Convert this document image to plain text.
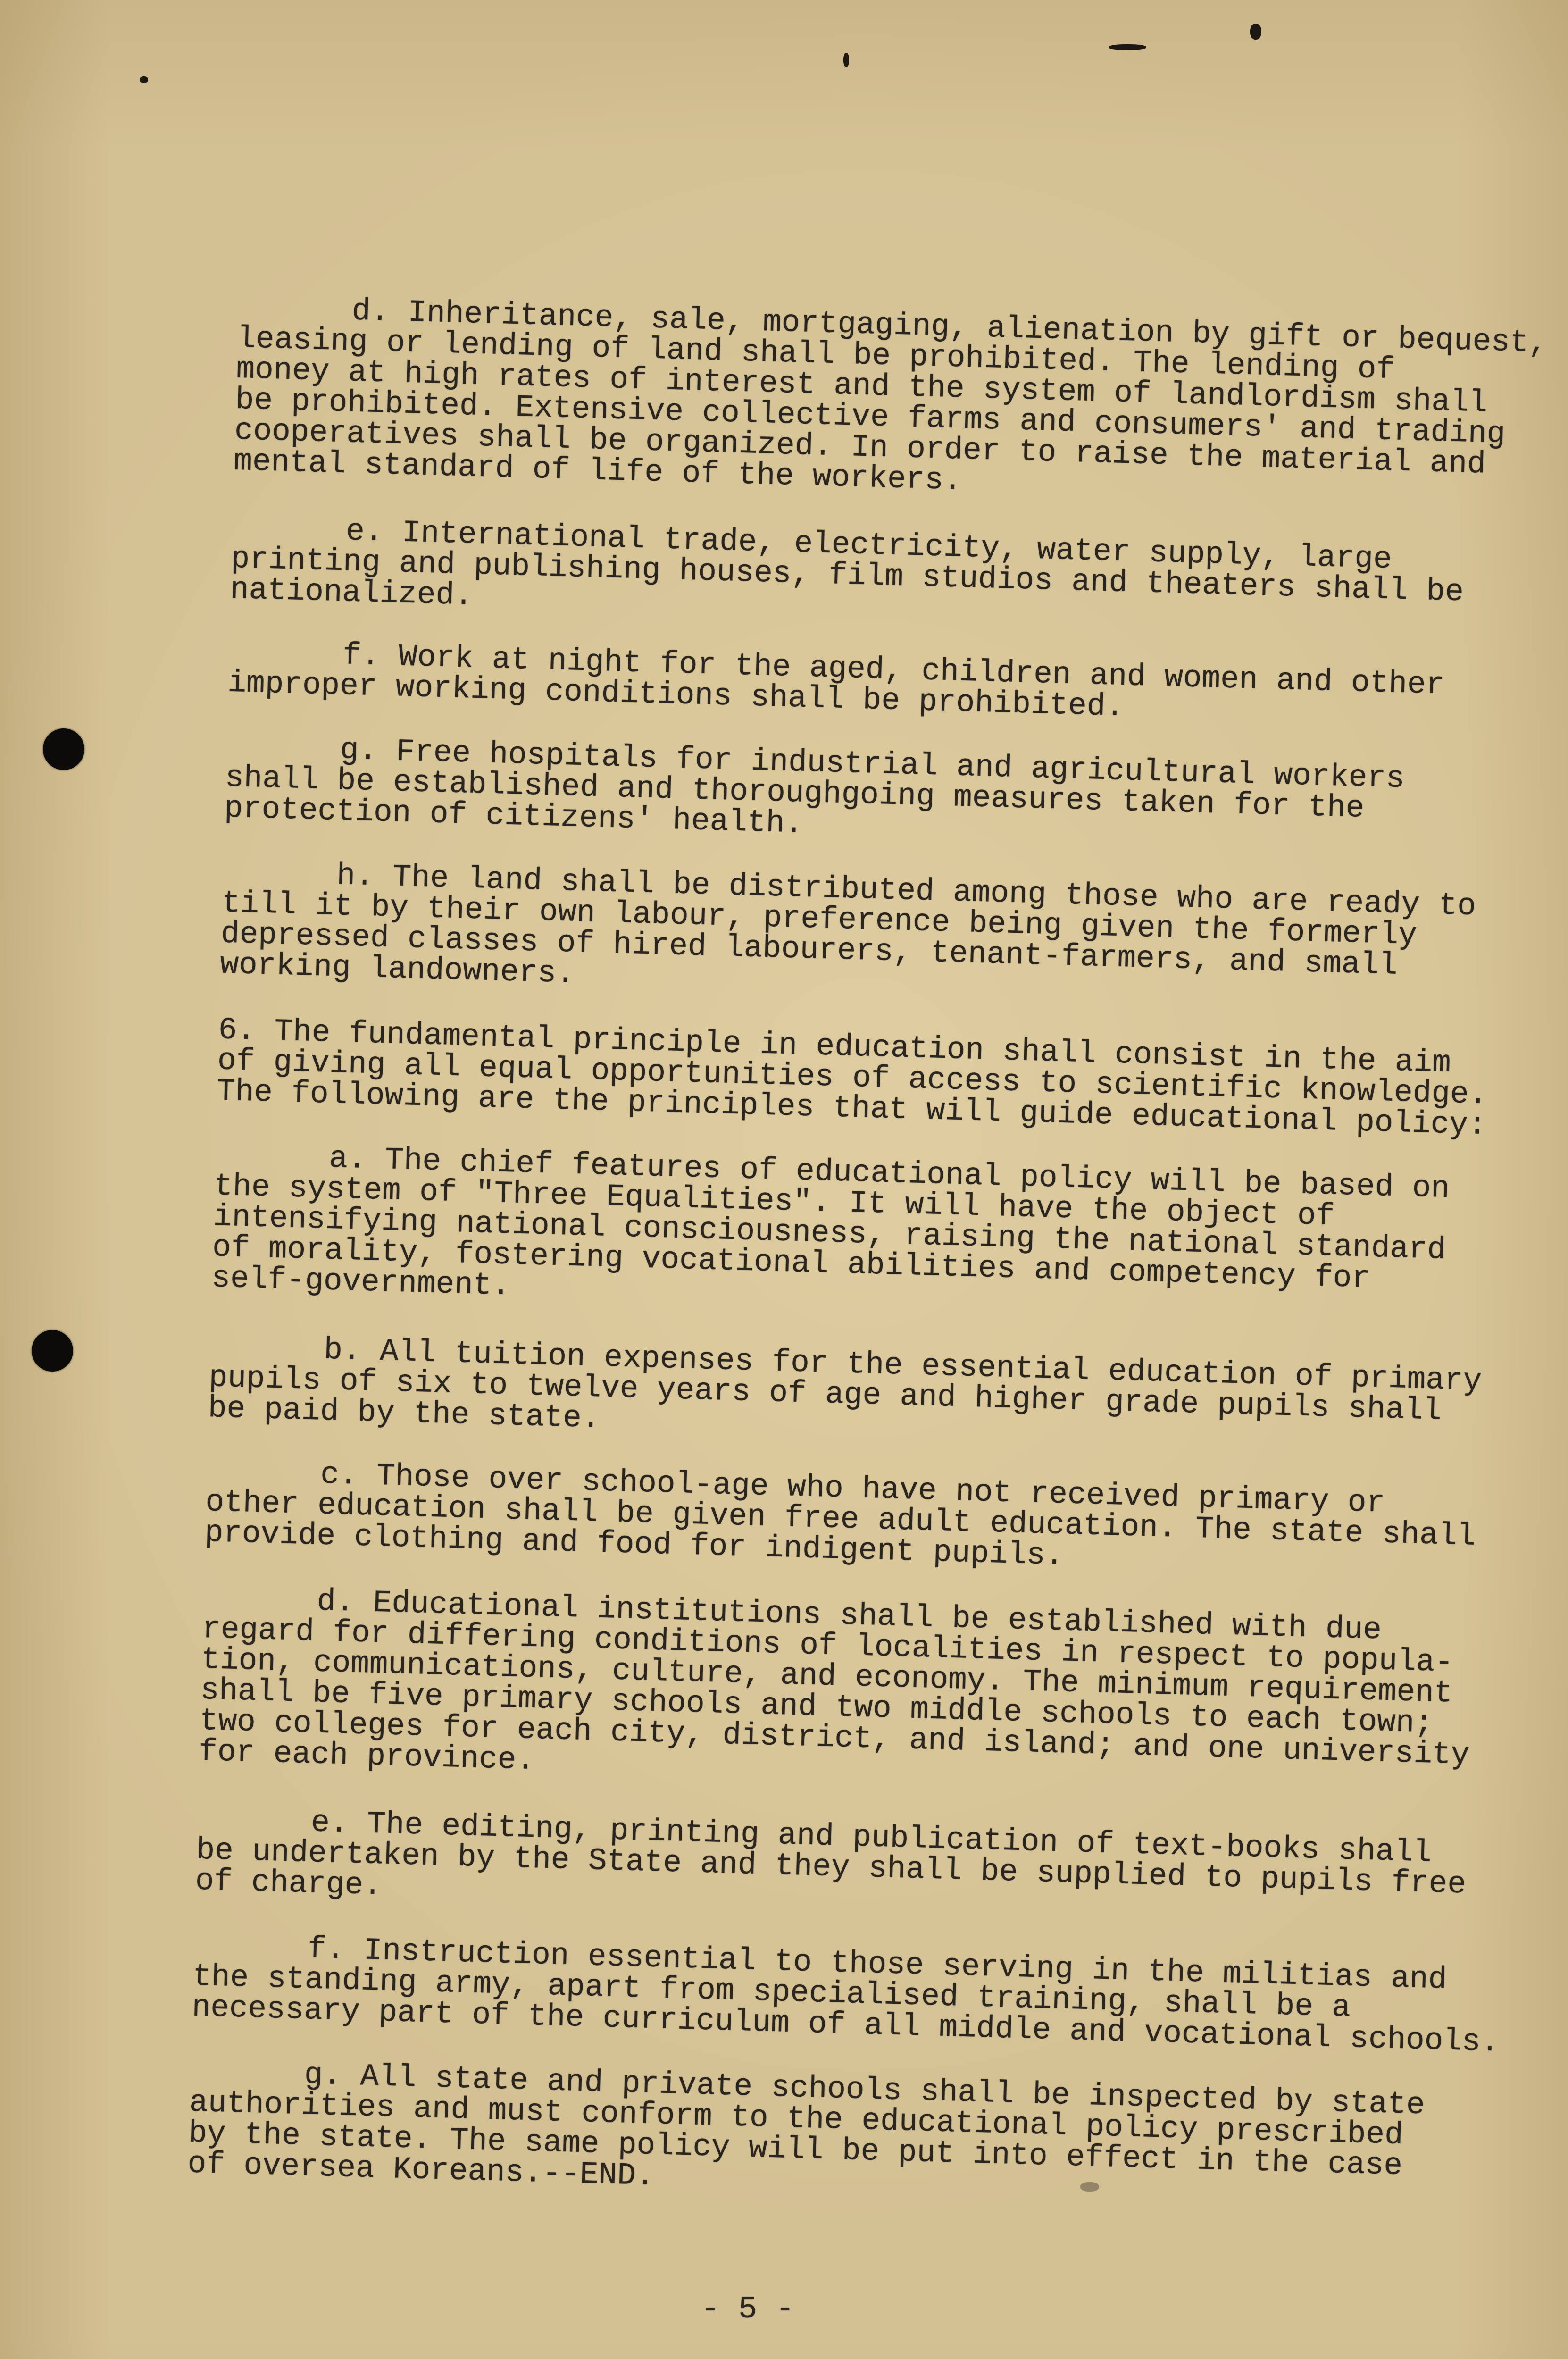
d. Inheritance, sale, mortgaging, alienation by gift or bequest,
leasing or lending of land shall be prohibited. The lending of
money at high rates of interest and the system of landlordism shall
be prohibited. Extensive collective farms and consumers' and trading
cooperatives shall be organized. In order to raise the material and
mental standard of life of the workers.

e. International trade, electricity, water supply, large
printing and publishing houses, film studios and theaters shall be
nationalized.

f. Work at night for the aged, children and women and other
improper working conditions shall be prohibited.

g. Free hospitals for industrial and agricultural workers
shall be established and thoroughgoing measures taken for the
protection of citizens' health.

h. The land shall be distributed among those who are ready to
till it by their own labour, preference being given the formerly
depressed classes of hired labourers, tenant-farmers, and small
working landowners.

6. The fundamental principle in education shall consist in the aim
of giving all equal opportunities of access to scientific knowledge.
The following are the principles that will guide educational policy:

a. The chief features of educational policy will be based on
the system of "Three Equalities". It will have the object of
intensifying national consciousness, raising the national standard
of morality, fostering vocational abilities and competency for
self-government.

b. All tuition expenses for the essential education of primary
pupils of six to twelve years of age and higher grade pupils shall
be paid by the state.

c. Those over school-age who have not received primary or
other education shall be given free adult education. The state shall
provide clothing and food for indigent pupils.

d. Educational institutions shall be established with due
regard for differing conditions of localities in respect to popula-
tion, communications, culture, and economy. The minimum requirement
shall be five primary schools and two middle schools to each town;
two colleges for each city, district, and island; and one university
for each province.

e. The editing, printing and publication of text-books shall
be undertaken by the State and they shall be supplied to pupils free
of charge.

f. Instruction essential to those serving in the militias and
the standing army, apart from specialised training, shall be a
necessary part of the curriculum of all middle and vocational schools.

g. All state and private schools shall be inspected by state
authorities and must conform to the educational policy prescribed
by the state. The same policy will be put into effect in the case
of oversea Koreans.--END.

- 5 -
